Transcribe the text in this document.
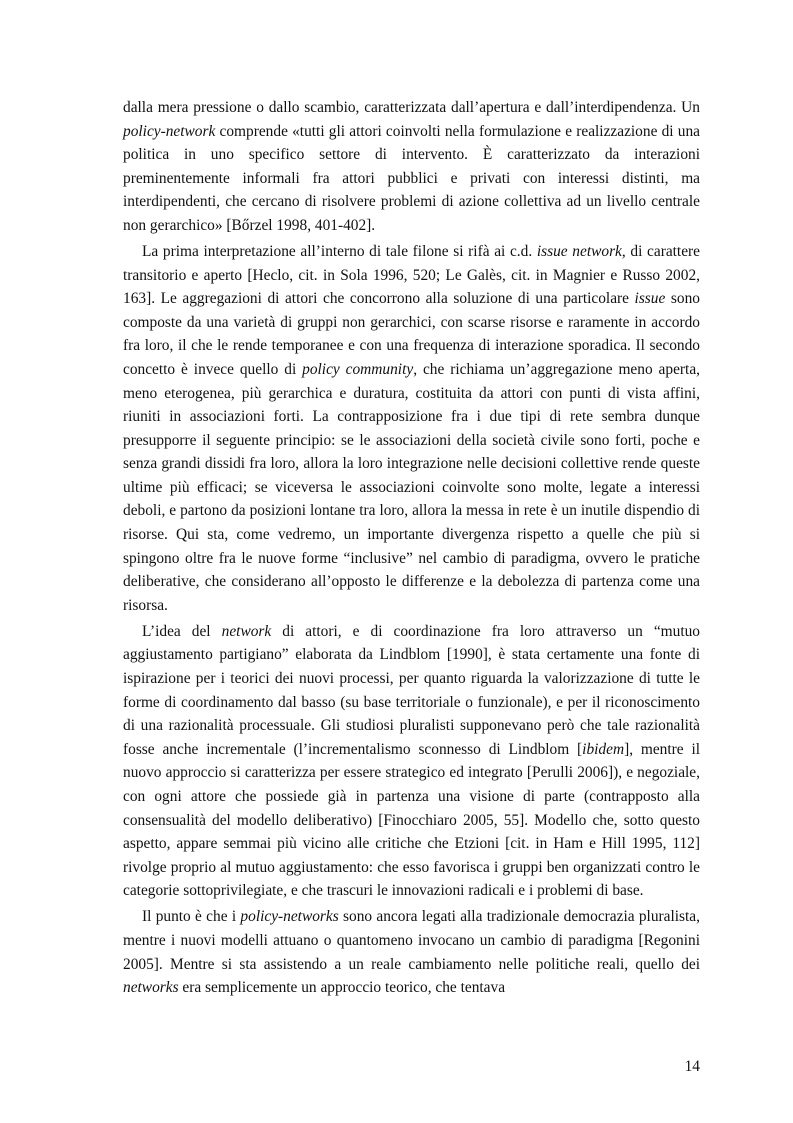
dalla mera pressione o dallo scambio, caratterizzata dall’apertura e dall’interdipendenza. Un policy-network comprende «tutti gli attori coinvolti nella formulazione e realizzazione di una politica in uno specifico settore di intervento. È caratterizzato da interazioni preminentemente informali fra attori pubblici e privati con interessi distinti, ma interdipendenti, che cercano di risolvere problemi di azione collettiva ad un livello centrale non gerarchico» [Bőrzel 1998, 401-402].

La prima interpretazione all’interno di tale filone si rifà ai c.d. issue network, di carattere transitorio e aperto [Heclo, cit. in Sola 1996, 520; Le Galès, cit. in Magnier e Russo 2002, 163]. Le aggregazioni di attori che concorrono alla soluzione di una particolare issue sono composte da una varietà di gruppi non gerarchici, con scarse risorse e raramente in accordo fra loro, il che le rende temporanee e con una frequenza di interazione sporadica. Il secondo concetto è invece quello di policy community, che richiama un’aggregazione meno aperta, meno eterogenea, più gerarchica e duratura, costituita da attori con punti di vista affini, riuniti in associazioni forti. La contrapposizione fra i due tipi di rete sembra dunque presupporre il seguente principio: se le associazioni della società civile sono forti, poche e senza grandi dissidi fra loro, allora la loro integrazione nelle decisioni collettive rende queste ultime più efficaci; se viceversa le associazioni coinvolte sono molte, legate a interessi deboli, e partono da posizioni lontane tra loro, allora la messa in rete è un inutile dispendio di risorse. Qui sta, come vedremo, un importante divergenza rispetto a quelle che più si spingono oltre fra le nuove forme “inclusive” nel cambio di paradigma, ovvero le pratiche deliberative, che considerano all’opposto le differenze e la debolezza di partenza come una risorsa.

L’idea del network di attori, e di coordinazione fra loro attraverso un “mutuo aggiustamento partigiano” elaborata da Lindblom [1990], è stata certamente una fonte di ispirazione per i teorici dei nuovi processi, per quanto riguarda la valorizzazione di tutte le forme di coordinamento dal basso (su base territoriale o funzionale), e per il riconoscimento di una razionalità processuale. Gli studiosi pluralisti supponevano però che tale razionalità fosse anche incrementale (l’incrementalismo sconnesso di Lindblom [ibidem], mentre il nuovo approccio si caratterizza per essere strategico ed integrato [Perulli 2006]), e negoziale, con ogni attore che possiede già in partenza una visione di parte (contrapposto alla consensualità del modello deliberativo) [Finocchiaro 2005, 55]. Modello che, sotto questo aspetto, appare semmai più vicino alle critiche che Etzioni [cit. in Ham e Hill 1995, 112] rivolge proprio al mutuo aggiustamento: che esso favorisca i gruppi ben organizzati contro le categorie sottoprivilegiate, e che trascuri le innovazioni radicali e i problemi di base.

Il punto è che i policy-networks sono ancora legati alla tradizionale democrazia pluralista, mentre i nuovi modelli attuano o quantomeno invocano un cambio di paradigma [Regonini 2005]. Mentre si sta assistendo a un reale cambiamento nelle politiche reali, quello dei networks era semplicemente un approccio teorico, che tentava

14
